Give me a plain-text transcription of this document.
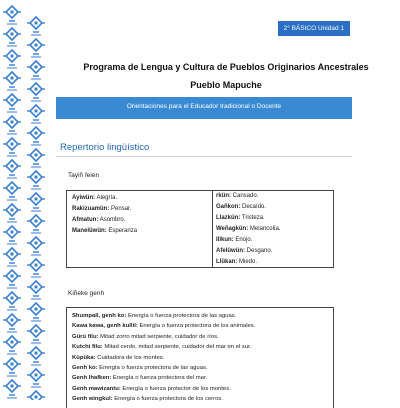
2° BÁSICO Unidad 1
Programa de Lengua y Cultura de Pueblos Originarios Ancestrales
Pueblo Mapuche
Orientaciones para el Educador tradicional o Docente
Repertorio lingüístico
Tayiñ feien
Ayiwün: Alegría.
Rakizuamün: Pensar.
Afmatun: Asombro.
Manelüwün: Esperanza
rkün: Cansado.
Gañkon: Decaído.
Llazkün: Tristeza.
Weñagkün: Melancolía.
Illkun: Enojo.
Afelüwün: Desgano.
Llükan: Miedo.
Kiñeke genh
Shumpall, genh ko: Energía o fuerza protectora de las aguas.
Kawa kawa, genh kullil: Energía o fuerza protectora de los animales.
Gürü filu: Mitad zorro mitad serpiente, cuidador de ríos.
Kutchi filu: Mitad cerdo, mitad serpiente, cuidador del mar en el sur.
Küpüka: Cuidadora de los montes.
Genh ko: Energía o fuerza protectora de las aguas.
Genh lhafken: Energía o fuerza protectora del mar.
Genh mawizantu: Energía o fuerza protector de los montes.
Genh wingkul: Energía o fuerza protectora de los cerros.
